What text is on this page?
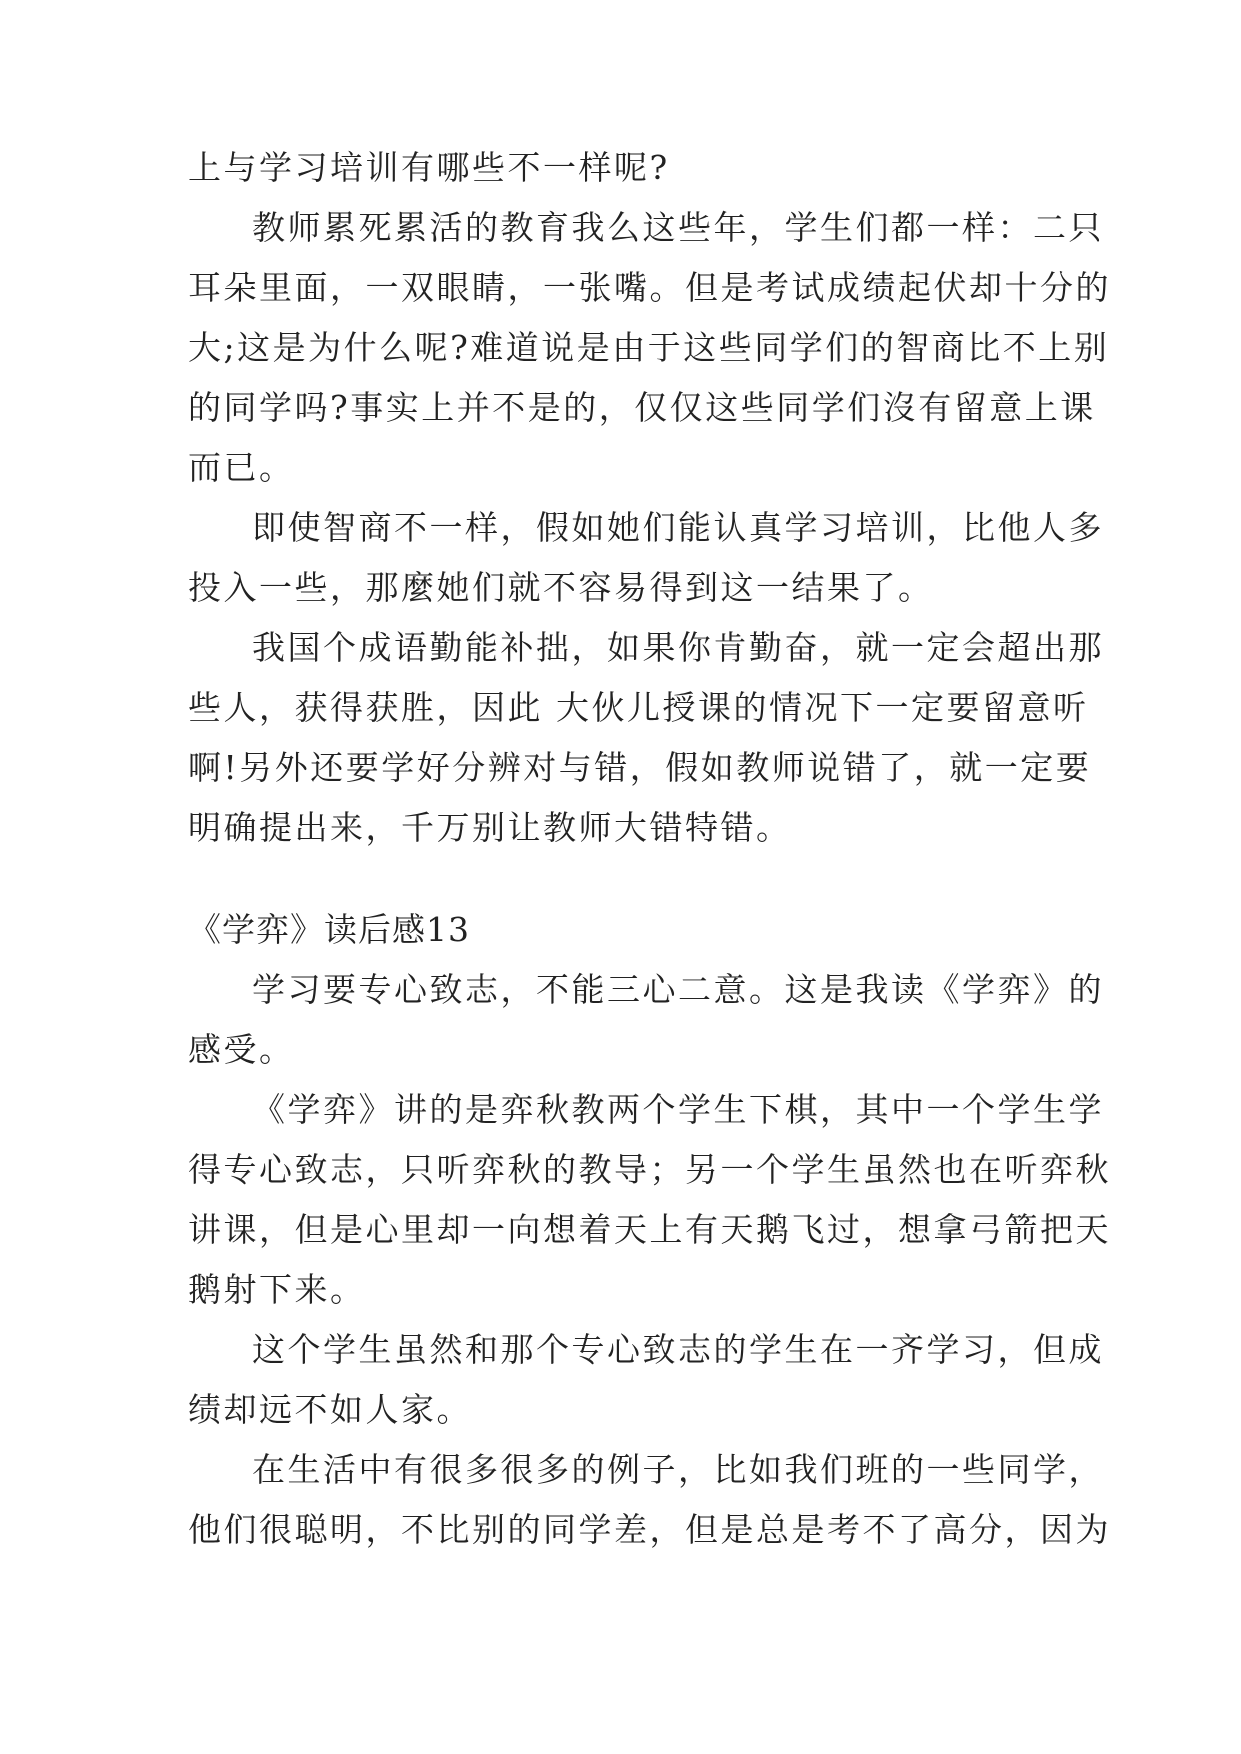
上与学习培训有哪些不一样呢?
教师累死累活的教育我么这些年，学生们都一样：二只
耳朵里面，一双眼睛，一张嘴。但是考试成绩起伏却十分的
大;这是为什么呢?难道说是由于这些同学们的智商比不上别
的同学吗?事实上并不是的，仅仅这些同学们沒有留意上课
而已。
即使智商不一样，假如她们能认真学习培训，比他人多
投入一些，那麼她们就不容易得到这一结果了。
我国个成语勤能补拙，如果你肯勤奋，就一定会超出那
些人，获得获胜，因此 大伙儿授课的情况下一定要留意听
啊!另外还要学好分辨对与错，假如教师说错了，就一定要
明确提出来，千万别让教师大错特错。
《学弈》读后感13
学习要专心致志，不能三心二意。这是我读《学弈》的
感受。
《学弈》讲的是弈秋教两个学生下棋，其中一个学生学
得专心致志，只听弈秋的教导；另一个学生虽然也在听弈秋
讲课，但是心里却一向想着天上有天鹅飞过，想拿弓箭把天
鹅射下来。
这个学生虽然和那个专心致志的学生在一齐学习，但成
绩却远不如人家。
在生活中有很多很多的例子，比如我们班的一些同学，
他们很聪明，不比别的同学差，但是总是考不了高分，因为
